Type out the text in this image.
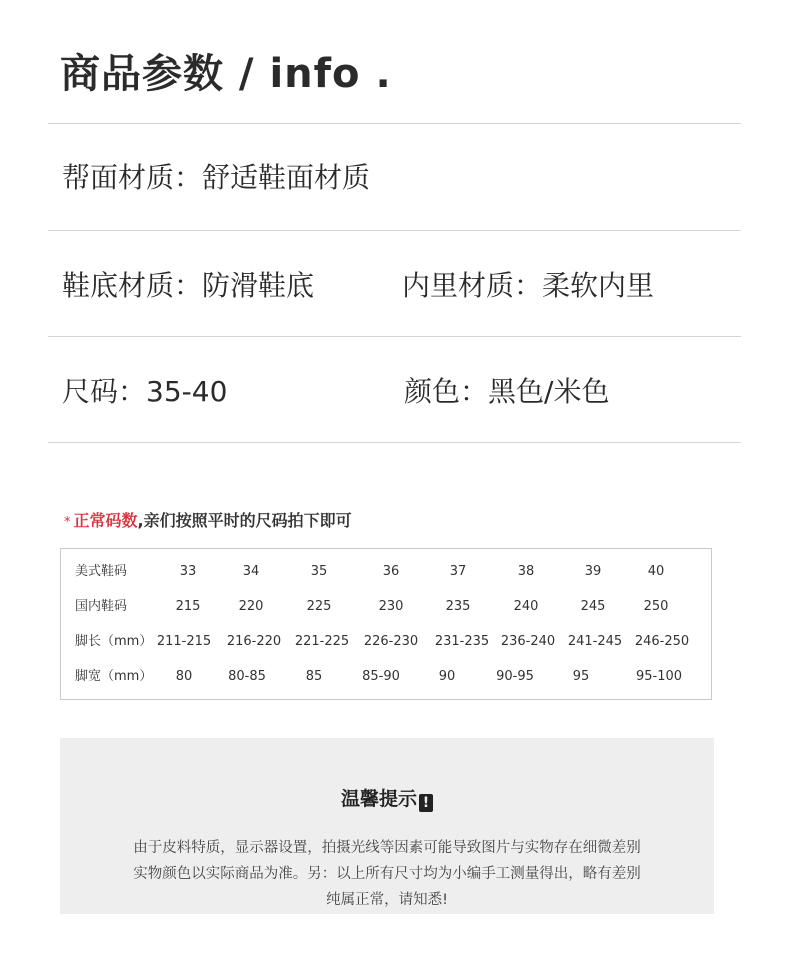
商品参数 / info .
帮面材质：舒适鞋面材质
鞋底材质：防滑鞋底	内里材质：柔软内里
尺码：35-40	颜色：黑色/米色
* 正常码数,亲们按照平时的尺码拍下即可
美式鞋码	33	34	35	36	37	38	39	40
国内鞋码	215	220	225	230	235	240	245	250
脚长（mm） 211-215 216-220 221-225 226-230 231-235 236-240 241-245 246-250
脚宽（mm） 80	80-85	85	85-90	90	90-95	95	95-100
温馨提示 !
由于皮料特质，显示器设置，拍摄光线等因素可能导致图片与实物存在细微差别
实物颜色以实际商品为准。另：以上所有尺寸均为小编手工测量得出，略有差别
纯属正常，请知悉!
